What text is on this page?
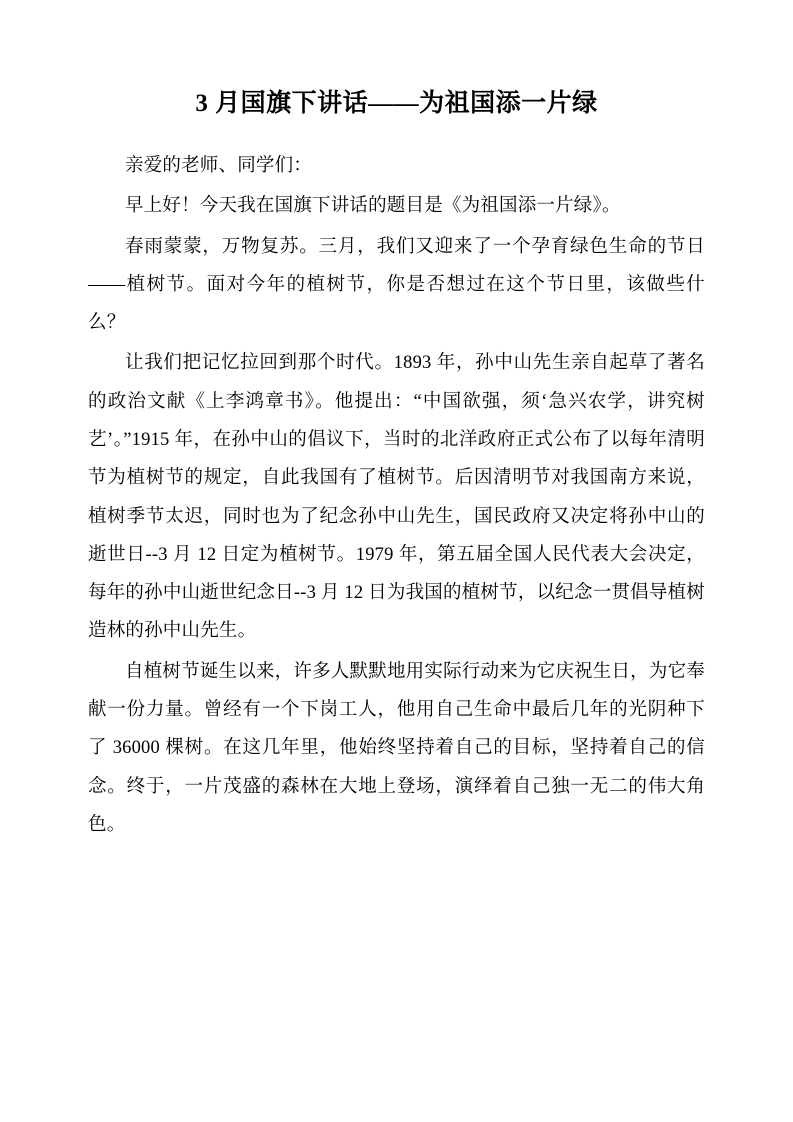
3 月国旗下讲话——为祖国添一片绿

亲爱的老师、同学们：

早上好！今天我在国旗下讲话的题目是《为祖国添一片绿》。

春雨蒙蒙，万物复苏。三月，我们又迎来了一个孕育绿色生命的节日——植树节。面对今年的植树节，你是否想过在这个节日里，该做些什么？

让我们把记忆拉回到那个时代。1893 年，孙中山先生亲自起草了著名的政治文献《上李鸿章书》。他提出：“中国欲强，须‘急兴农学，讲究树艺’。”1915 年，在孙中山的倡议下，当时的北洋政府正式公布了以每年清明节为植树节的规定，自此我国有了植树节。后因清明节对我国南方来说，植树季节太迟，同时也为了纪念孙中山先生，国民政府又决定将孙中山的逝世日--3 月 12 日定为植树节。1979 年，第五届全国人民代表大会决定，每年的孙中山逝世纪念日--3 月 12 日为我国的植树节，以纪念一贯倡导植树造林的孙中山先生。

自植树节诞生以来，许多人默默地用实际行动来为它庆祝生日，为它奉献一份力量。曾经有一个下岗工人，他用自己生命中最后几年的光阴种下了 36000 棵树。在这几年里，他始终坚持着自己的目标，坚持着自己的信念。终于，一片茂盛的森林在大地上登场，演绎着自己独一无二的伟大角色。
